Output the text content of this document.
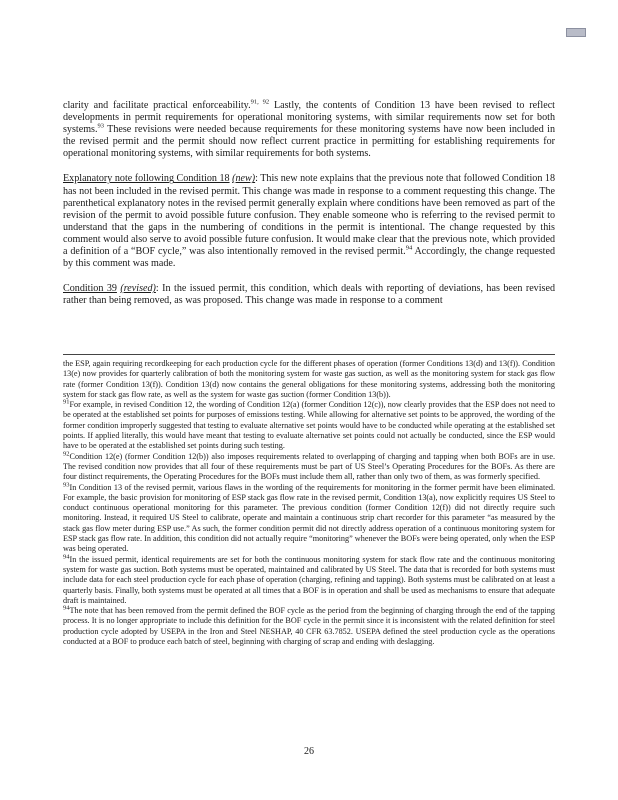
clarity and facilitate practical enforceability.$^{91, 92}$ Lastly, the contents of Condition 13 have been revised to reflect developments in permit requirements for operational monitoring systems, with similar requirements now set for both systems.$^{93}$ These revisions were needed because requirements for these monitoring systems have now been included in the revised permit and the permit should now reflect current practice in permitting for establishing requirements for operational monitoring systems, with similar requirements for both systems.

Explanatory note following Condition 18 (new): This new note explains that the previous note that followed Condition 18 has not been included in the revised permit. This change was made in response to a comment requesting this change. The parenthetical explanatory notes in the revised permit generally explain where conditions have been removed as part of the revision of the permit to avoid possible future confusion. They enable someone who is referring to the revised permit to understand that the gaps in the numbering of conditions in the permit is intentional. The change requested by this comment would also serve to avoid possible future confusion. It would make clear that the previous note, which provided a definition of a “BOF cycle,” was also intentionally removed in the revised permit.$^{94}$ Accordingly, the change requested by this comment was made.

Condition 39 (revised): In the issued permit, this condition, which deals with reporting of deviations, has been revised rather than being removed, as was proposed. This change was made in response to a comment

the ESP, again requiring recordkeeping for each production cycle for the different phases of operation (former Conditions 13(d) and 13(f)). Condition 13(e) now provides for quarterly calibration of both the monitoring system for waste gas suction, as well as the monitoring system for stack gas flow rate (former Condition 13(f)). Condition 13(d) now contains the general obligations for these monitoring systems, addressing both the monitoring system for stack gas flow rate, as well as the system for waste gas suction (former Condition 13(b)).

$^{91}$For example, in revised Condition 12, the wording of Condition 12(a) (former Condition 12(c)), now clearly provides that the ESP does not need to be operated at the established set points for purposes of emissions testing. While allowing for alternative set points to be approved, the wording of the former condition improperly suggested that testing to evaluate alternative set points would have to be conducted while operating at the established set points. If applied literally, this would have meant that testing to evaluate alternative set points could not actually be conducted, since the ESP would have to be operated at the established set points during such testing.

$^{92}$Condition 12(e) (former Condition 12(b)) also imposes requirements related to overlapping of charging and tapping when both BOFs are in use. The revised condition now provides that all four of these requirements must be part of US Steel’s Operating Procedures for the BOFs. As there are four distinct requirements, the Operating Procedures for the BOFs must include them all, rather than only two of them, as was formerly specified.

$^{93}$In Condition 13 of the revised permit, various flaws in the wording of the requirements for monitoring in the former permit have been eliminated. For example, the basic provision for monitoring of ESP stack gas flow rate in the revised permit, Condition 13(a), now explicitly requires US Steel to conduct continuous operational monitoring for this parameter. The previous condition (former Condition 12(f)) did not directly require such monitoring. Instead, it required US Steel to calibrate, operate and maintain a continuous strip chart recorder for this parameter “as measured by the stack gas flow meter during ESP use.” As such, the former condition permit did not directly address operation of a continuous monitoring system for ESP stack gas flow rate. In addition, this condition did not actually require “monitoring” whenever the BOFs were being operated, only when the ESP was being operated.

$^{94}$In the issued permit, identical requirements are set for both the continuous monitoring system for stack flow rate and the continuous monitoring system for waste gas suction. Both systems must be operated, maintained and calibrated by US Steel. The data that is recorded for both systems must include data for each steel production cycle for each phase of operation (charging, refining and tapping). Both systems must be calibrated on at least a quarterly basis. Finally, both systems must be operated at all times that a BOF is in operation and shall be used as mechanisms to ensure that adequate draft is maintained.

$^{94}$The note that has been removed from the permit defined the BOF cycle as the period from the beginning of charging through the end of the tapping process. It is no longer appropriate to include this definition for the BOF cycle in the permit since it is inconsistent with the related definition for steel production cycle adopted by USEPA in the Iron and Steel NESHAP, 40 CFR 63.7852. USEPA defined the steel production cycle as the operations conducted at a BOF to produce each batch of steel, beginning with charging of scrap and ending with deslagging.

26
